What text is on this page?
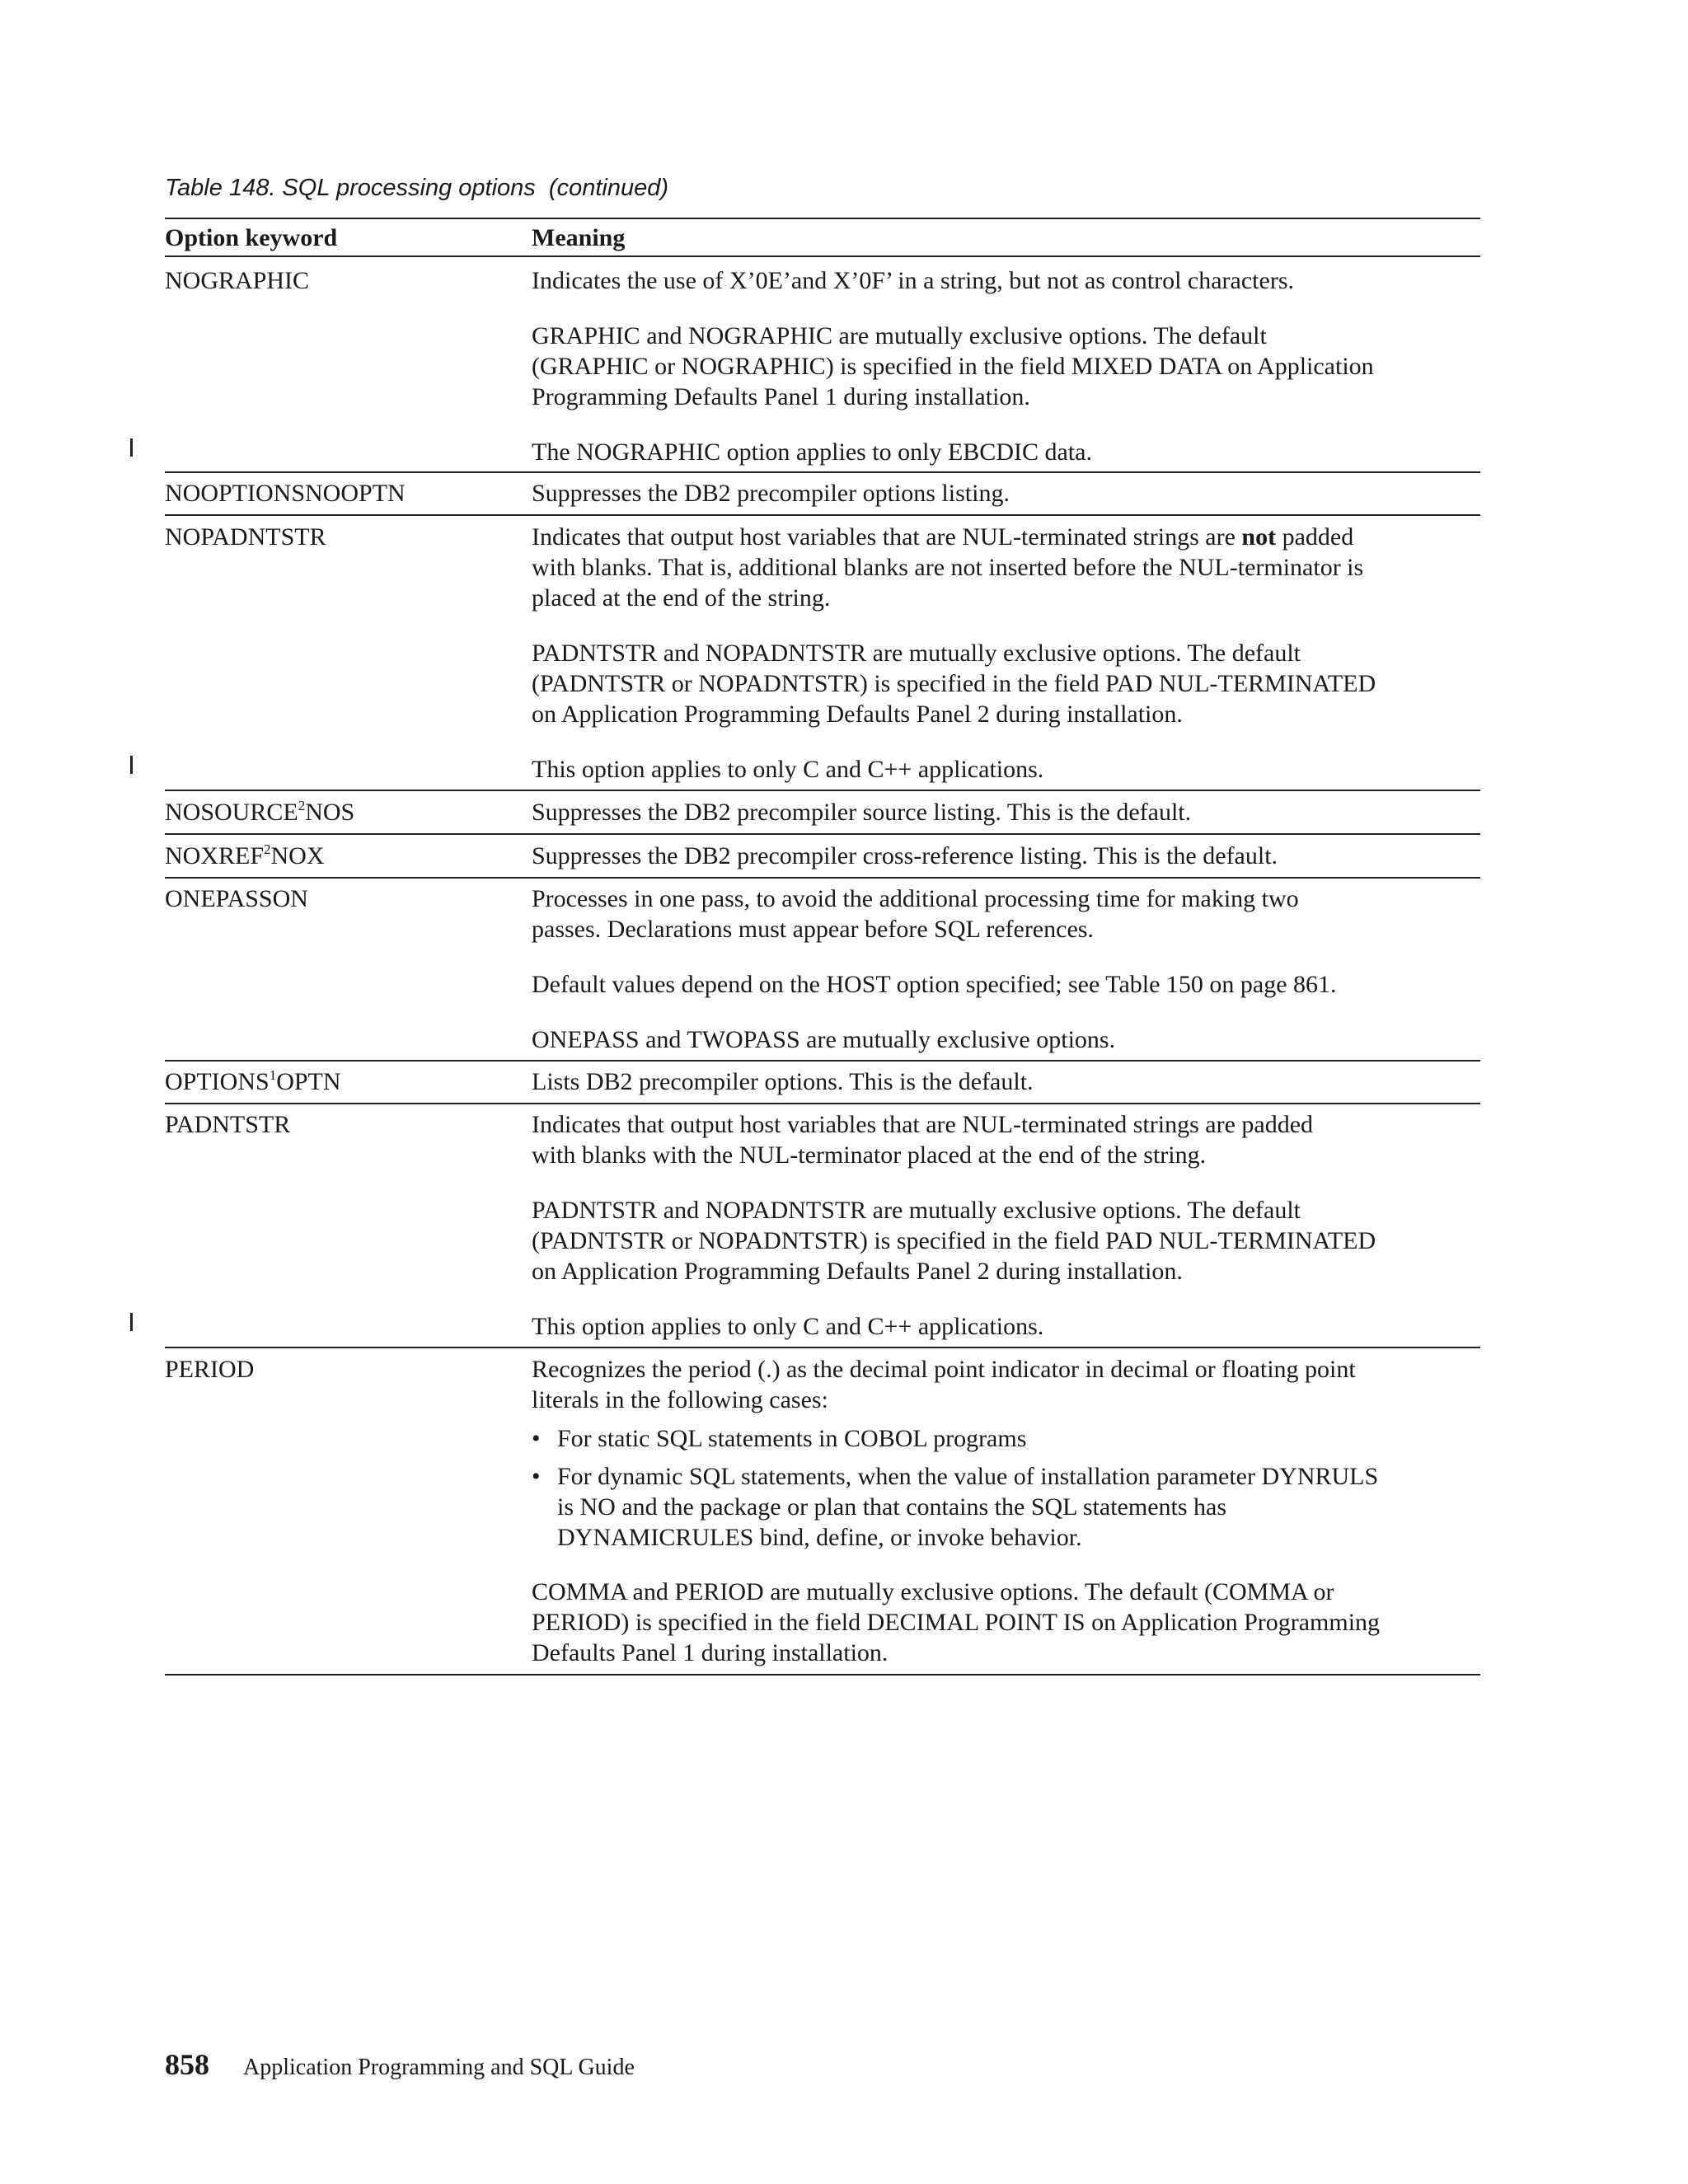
Table 148. SQL processing options  (continued)
Option keyword	Meaning
NOGRAPHIC	Indicates the use of X’0E’and X’0F’ in a string, but not as control characters.
GRAPHIC and NOGRAPHIC are mutually exclusive options. The default
(GRAPHIC or NOGRAPHIC) is specified in the field MIXED DATA on Application
Programming Defaults Panel 1 during installation.
The NOGRAPHIC option applies to only EBCDIC data.
NOOPTIONSNOOPTN	Suppresses the DB2 precompiler options listing.
NOPADNTSTR	Indicates that output host variables that are NUL-terminated strings are not padded
with blanks. That is, additional blanks are not inserted before the NUL-terminator is
placed at the end of the string.
PADNTSTR and NOPADNTSTR are mutually exclusive options. The default
(PADNTSTR or NOPADNTSTR) is specified in the field PAD NUL-TERMINATED
on Application Programming Defaults Panel 2 during installation.
This option applies to only C and C++ applications.
NOSOURCE$^2$NOS	Suppresses the DB2 precompiler source listing. This is the default.
NOXREF$^2$NOX	Suppresses the DB2 precompiler cross-reference listing. This is the default.
ONEPASSON	Processes in one pass, to avoid the additional processing time for making two
passes. Declarations must appear before SQL references.
Default values depend on the HOST option specified; see Table 150 on page 861.
ONEPASS and TWOPASS are mutually exclusive options.
OPTIONS$^1$OPTN	Lists DB2 precompiler options. This is the default.
PADNTSTR	Indicates that output host variables that are NUL-terminated strings are padded
with blanks with the NUL-terminator placed at the end of the string.
PADNTSTR and NOPADNTSTR are mutually exclusive options. The default
(PADNTSTR or NOPADNTSTR) is specified in the field PAD NUL-TERMINATED
on Application Programming Defaults Panel 2 during installation.
This option applies to only C and C++ applications.
PERIOD	Recognizes the period (.) as the decimal point indicator in decimal or floating point
literals in the following cases:
• For static SQL statements in COBOL programs
• For dynamic SQL statements, when the value of installation parameter DYNRULS
is NO and the package or plan that contains the SQL statements has
DYNAMICRULES bind, define, or invoke behavior.
COMMA and PERIOD are mutually exclusive options. The default (COMMA or
PERIOD) is specified in the field DECIMAL POINT IS on Application Programming
Defaults Panel 1 during installation.
858 Application Programming and SQL Guide
